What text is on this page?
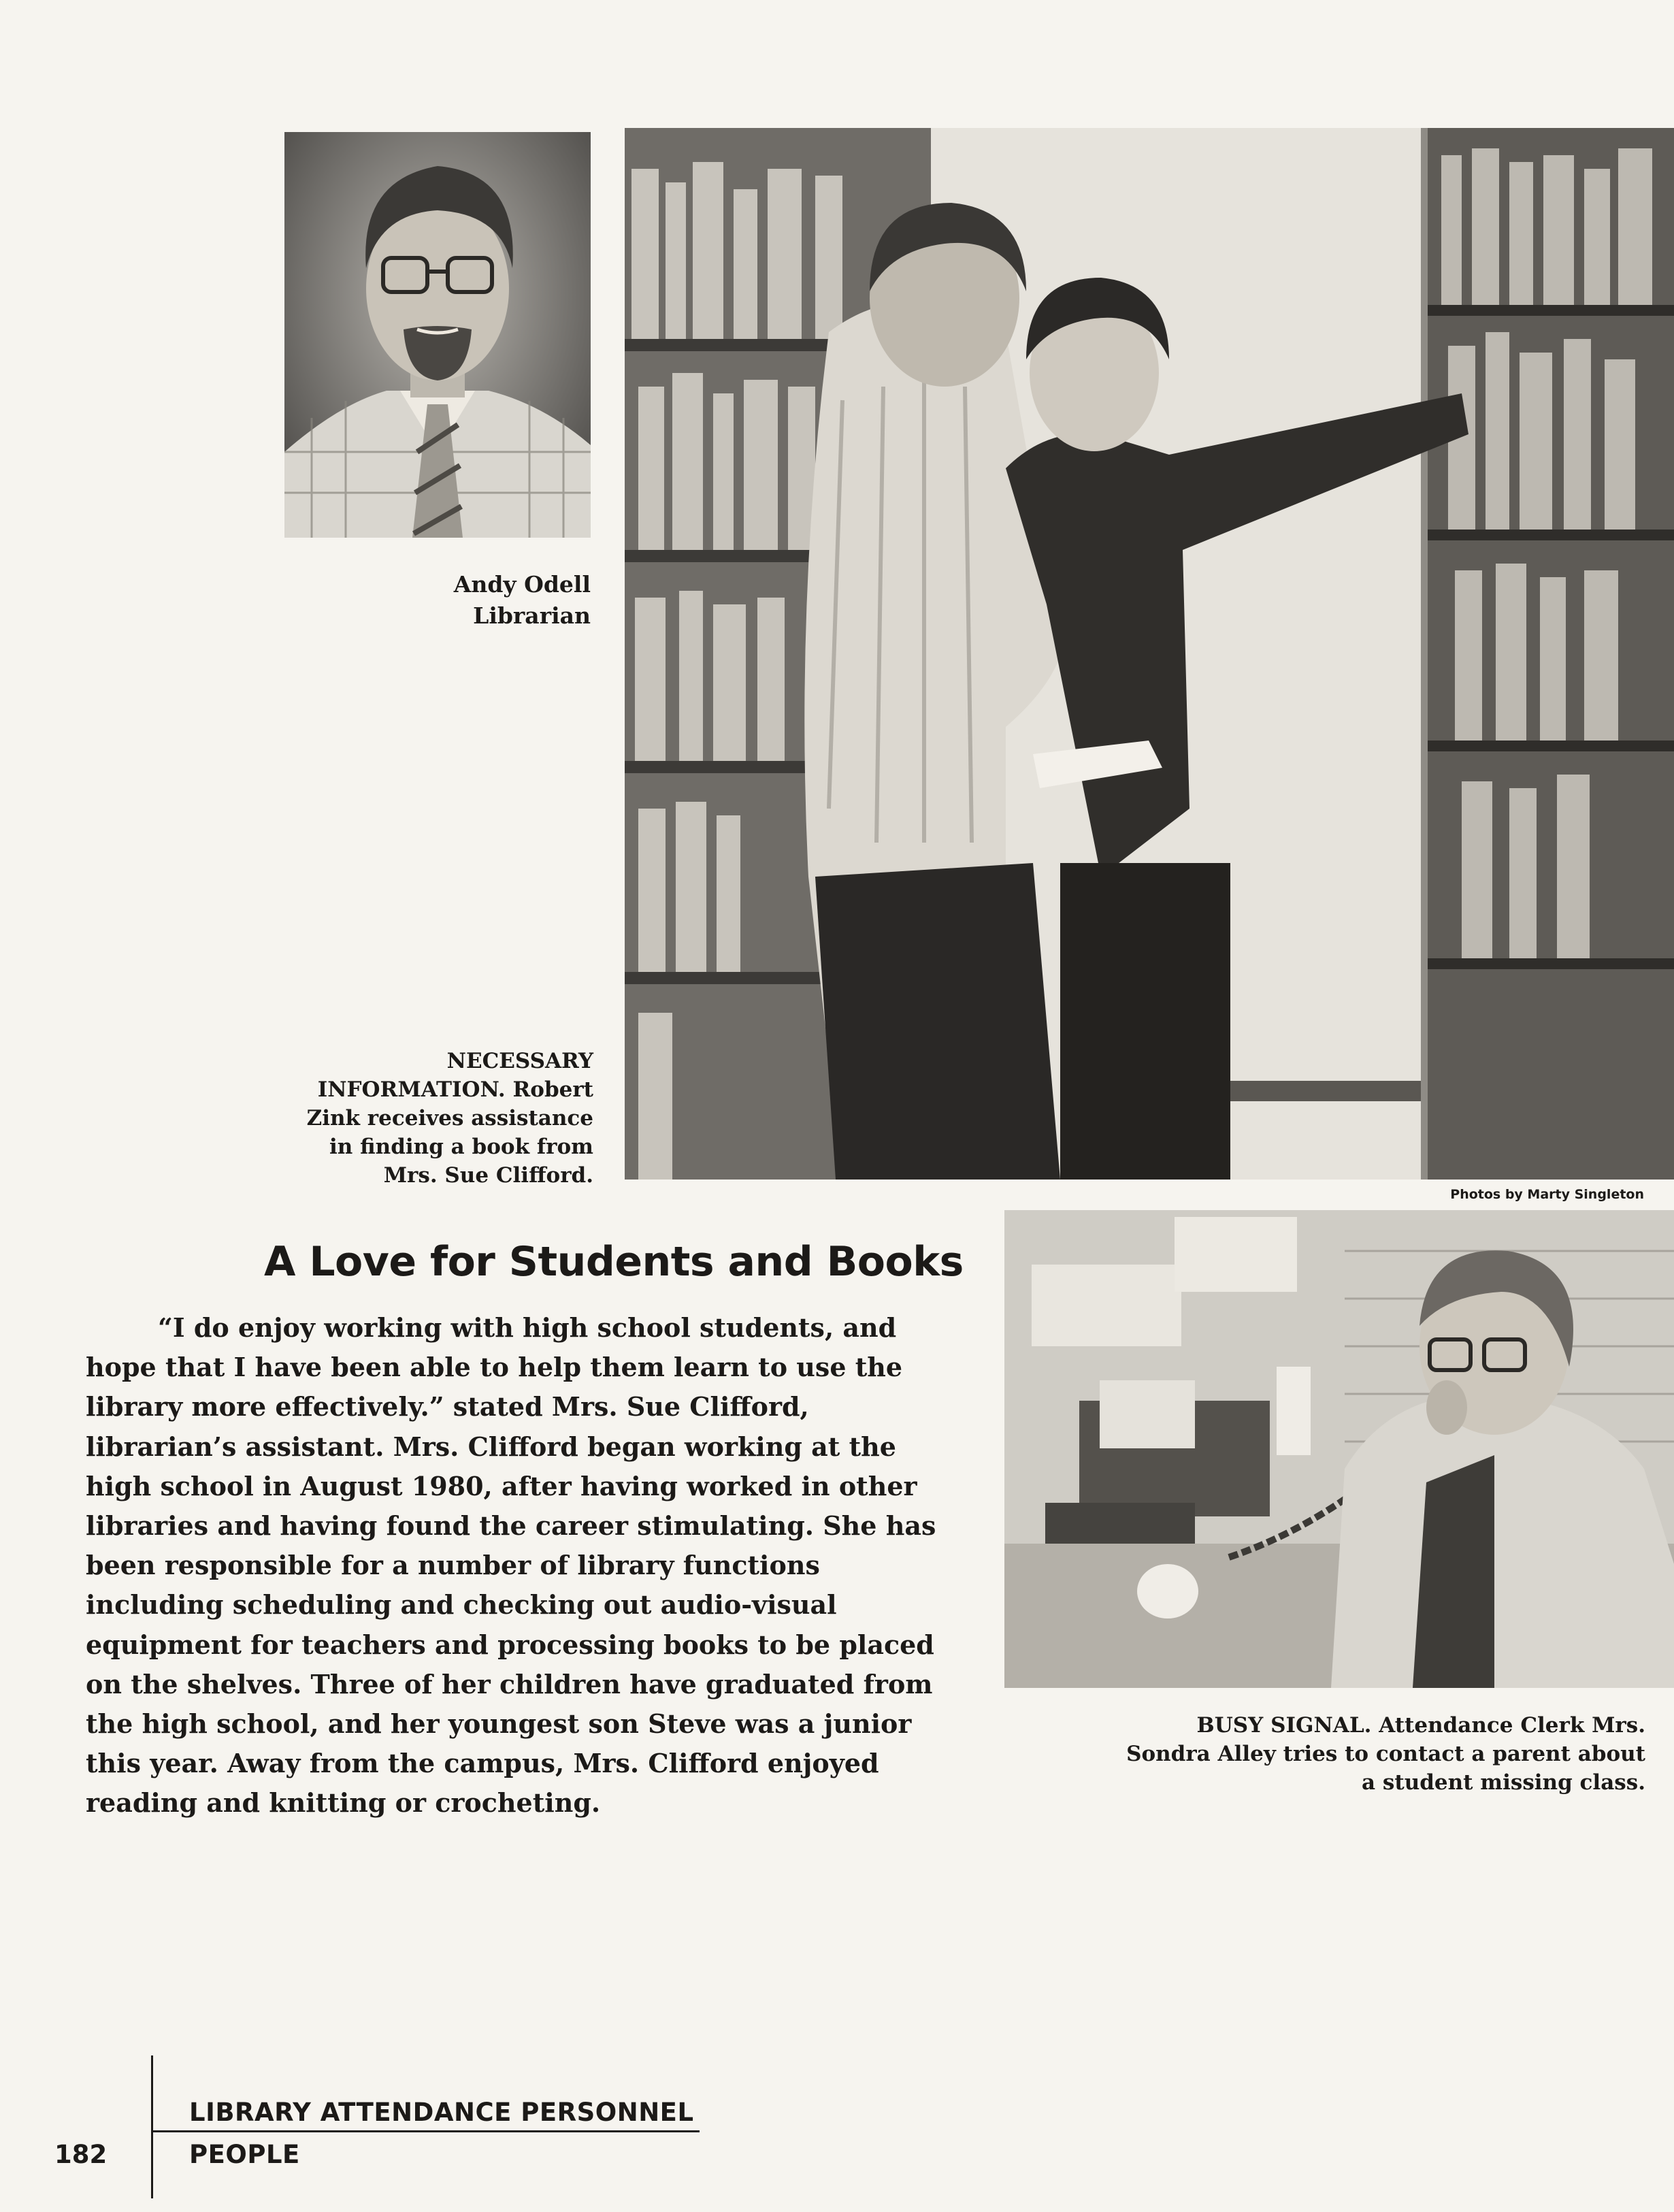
Andy Odell
Librarian
NECESSARY
INFORMATION. Robert
Zink receives assistance
in finding a book from
Mrs. Sue Clifford.
Photos by Marty Singleton
A Love for Students and Books
“I do enjoy working with high school students, and
hope that I have been able to help them learn to use the
library more effectively.” stated Mrs. Sue Clifford,
librarian’s assistant. Mrs. Clifford began working at the
high school in August 1980, after having worked in other
libraries and having found the career stimulating. She has
been responsible for a number of library functions
including scheduling and checking out audio-visual
equipment for teachers and processing books to be placed
on the shelves. Three of her children have graduated from
the high school, and her youngest son Steve was a junior
this year. Away from the campus, Mrs. Clifford enjoyed
reading and knitting or crocheting.
BUSY SIGNAL. Attendance Clerk Mrs.
Sondra Alley tries to contact a parent about
a student missing class.
LIBRARY ATTENDANCE PERSONNEL
182	PEOPLE
